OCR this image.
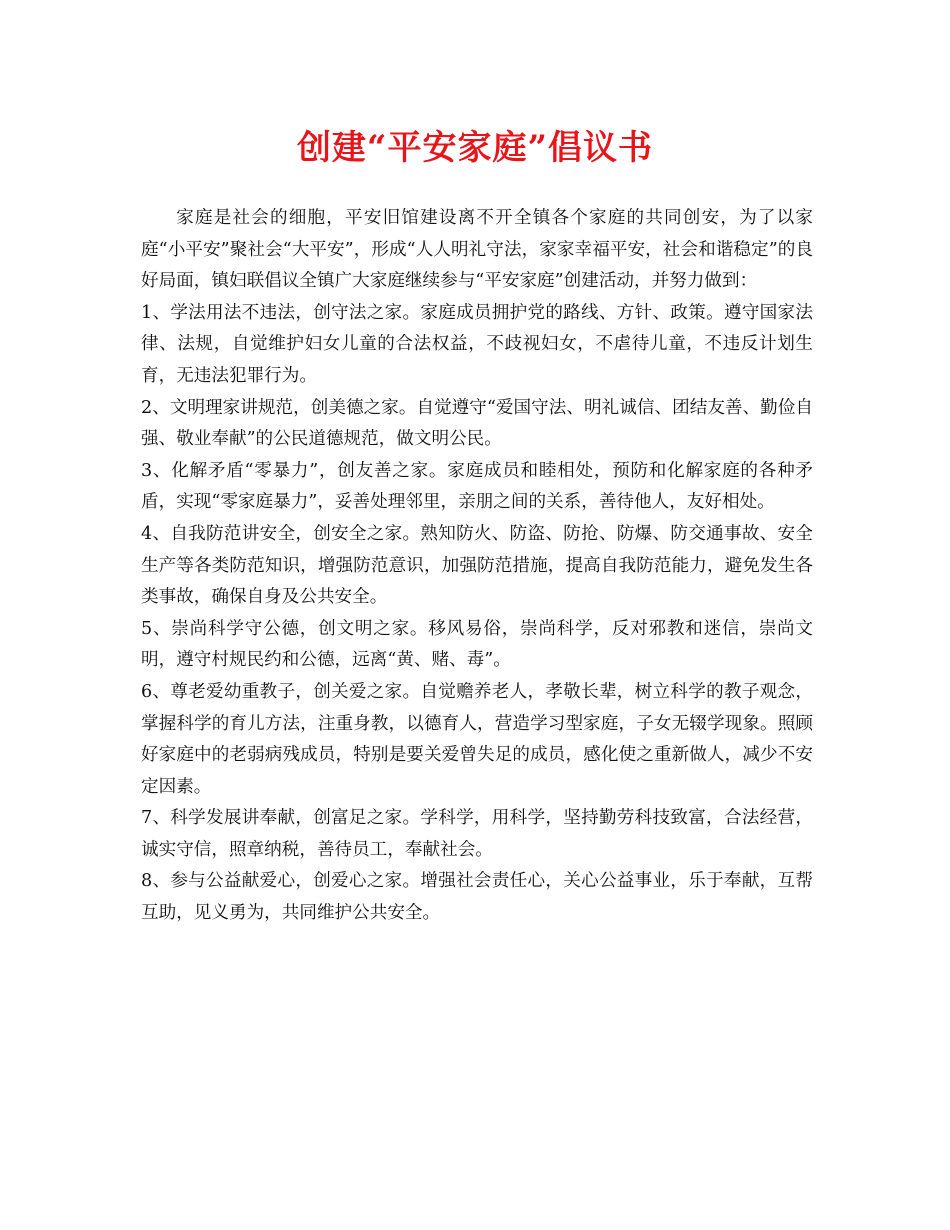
创建“平安家庭”倡议书

家庭是社会的细胞，平安旧馆建设离不开全镇各个家庭的共同创安，为了以家庭“小平安”聚社会“大平安”，形成“人人明礼守法，家家幸福平安，社会和谐稳定”的良好局面，镇妇联倡议全镇广大家庭继续参与“平安家庭”创建活动，并努力做到：

1、学法用法不违法，创守法之家。家庭成员拥护党的路线、方针、政策。遵守国家法律、法规，自觉维护妇女儿童的合法权益，不歧视妇女，不虐待儿童，不违反计划生育，无违法犯罪行为。

2、文明理家讲规范，创美德之家。自觉遵守“爱国守法、明礼诚信、团结友善、勤俭自强、敬业奉献”的公民道德规范，做文明公民。

3、化解矛盾“零暴力”，创友善之家。家庭成员和睦相处，预防和化解家庭的各种矛盾，实现“零家庭暴力”，妥善处理邻里，亲朋之间的关系，善待他人，友好相处。

4、自我防范讲安全，创安全之家。熟知防火、防盗、防抢、防爆、防交通事故、安全生产等各类防范知识，增强防范意识，加强防范措施，提高自我防范能力，避免发生各类事故，确保自身及公共安全。

5、崇尚科学守公德，创文明之家。移风易俗，崇尚科学，反对邪教和迷信，崇尚文明，遵守村规民约和公德，远离“黄、赌、毒”。

6、尊老爱幼重教子，创关爱之家。自觉赡养老人，孝敬长辈，树立科学的教子观念，掌握科学的育儿方法，注重身教，以德育人，营造学习型家庭，子女无辍学现象。照顾好家庭中的老弱病残成员，特别是要关爱曾失足的成员，感化使之重新做人，减少不安定因素。

7、科学发展讲奉献，创富足之家。学科学，用科学，坚持勤劳科技致富，合法经营，诚实守信，照章纳税，善待员工，奉献社会。

8、参与公益献爱心，创爱心之家。增强社会责任心，关心公益事业，乐于奉献，互帮互助，见义勇为，共同维护公共安全。
